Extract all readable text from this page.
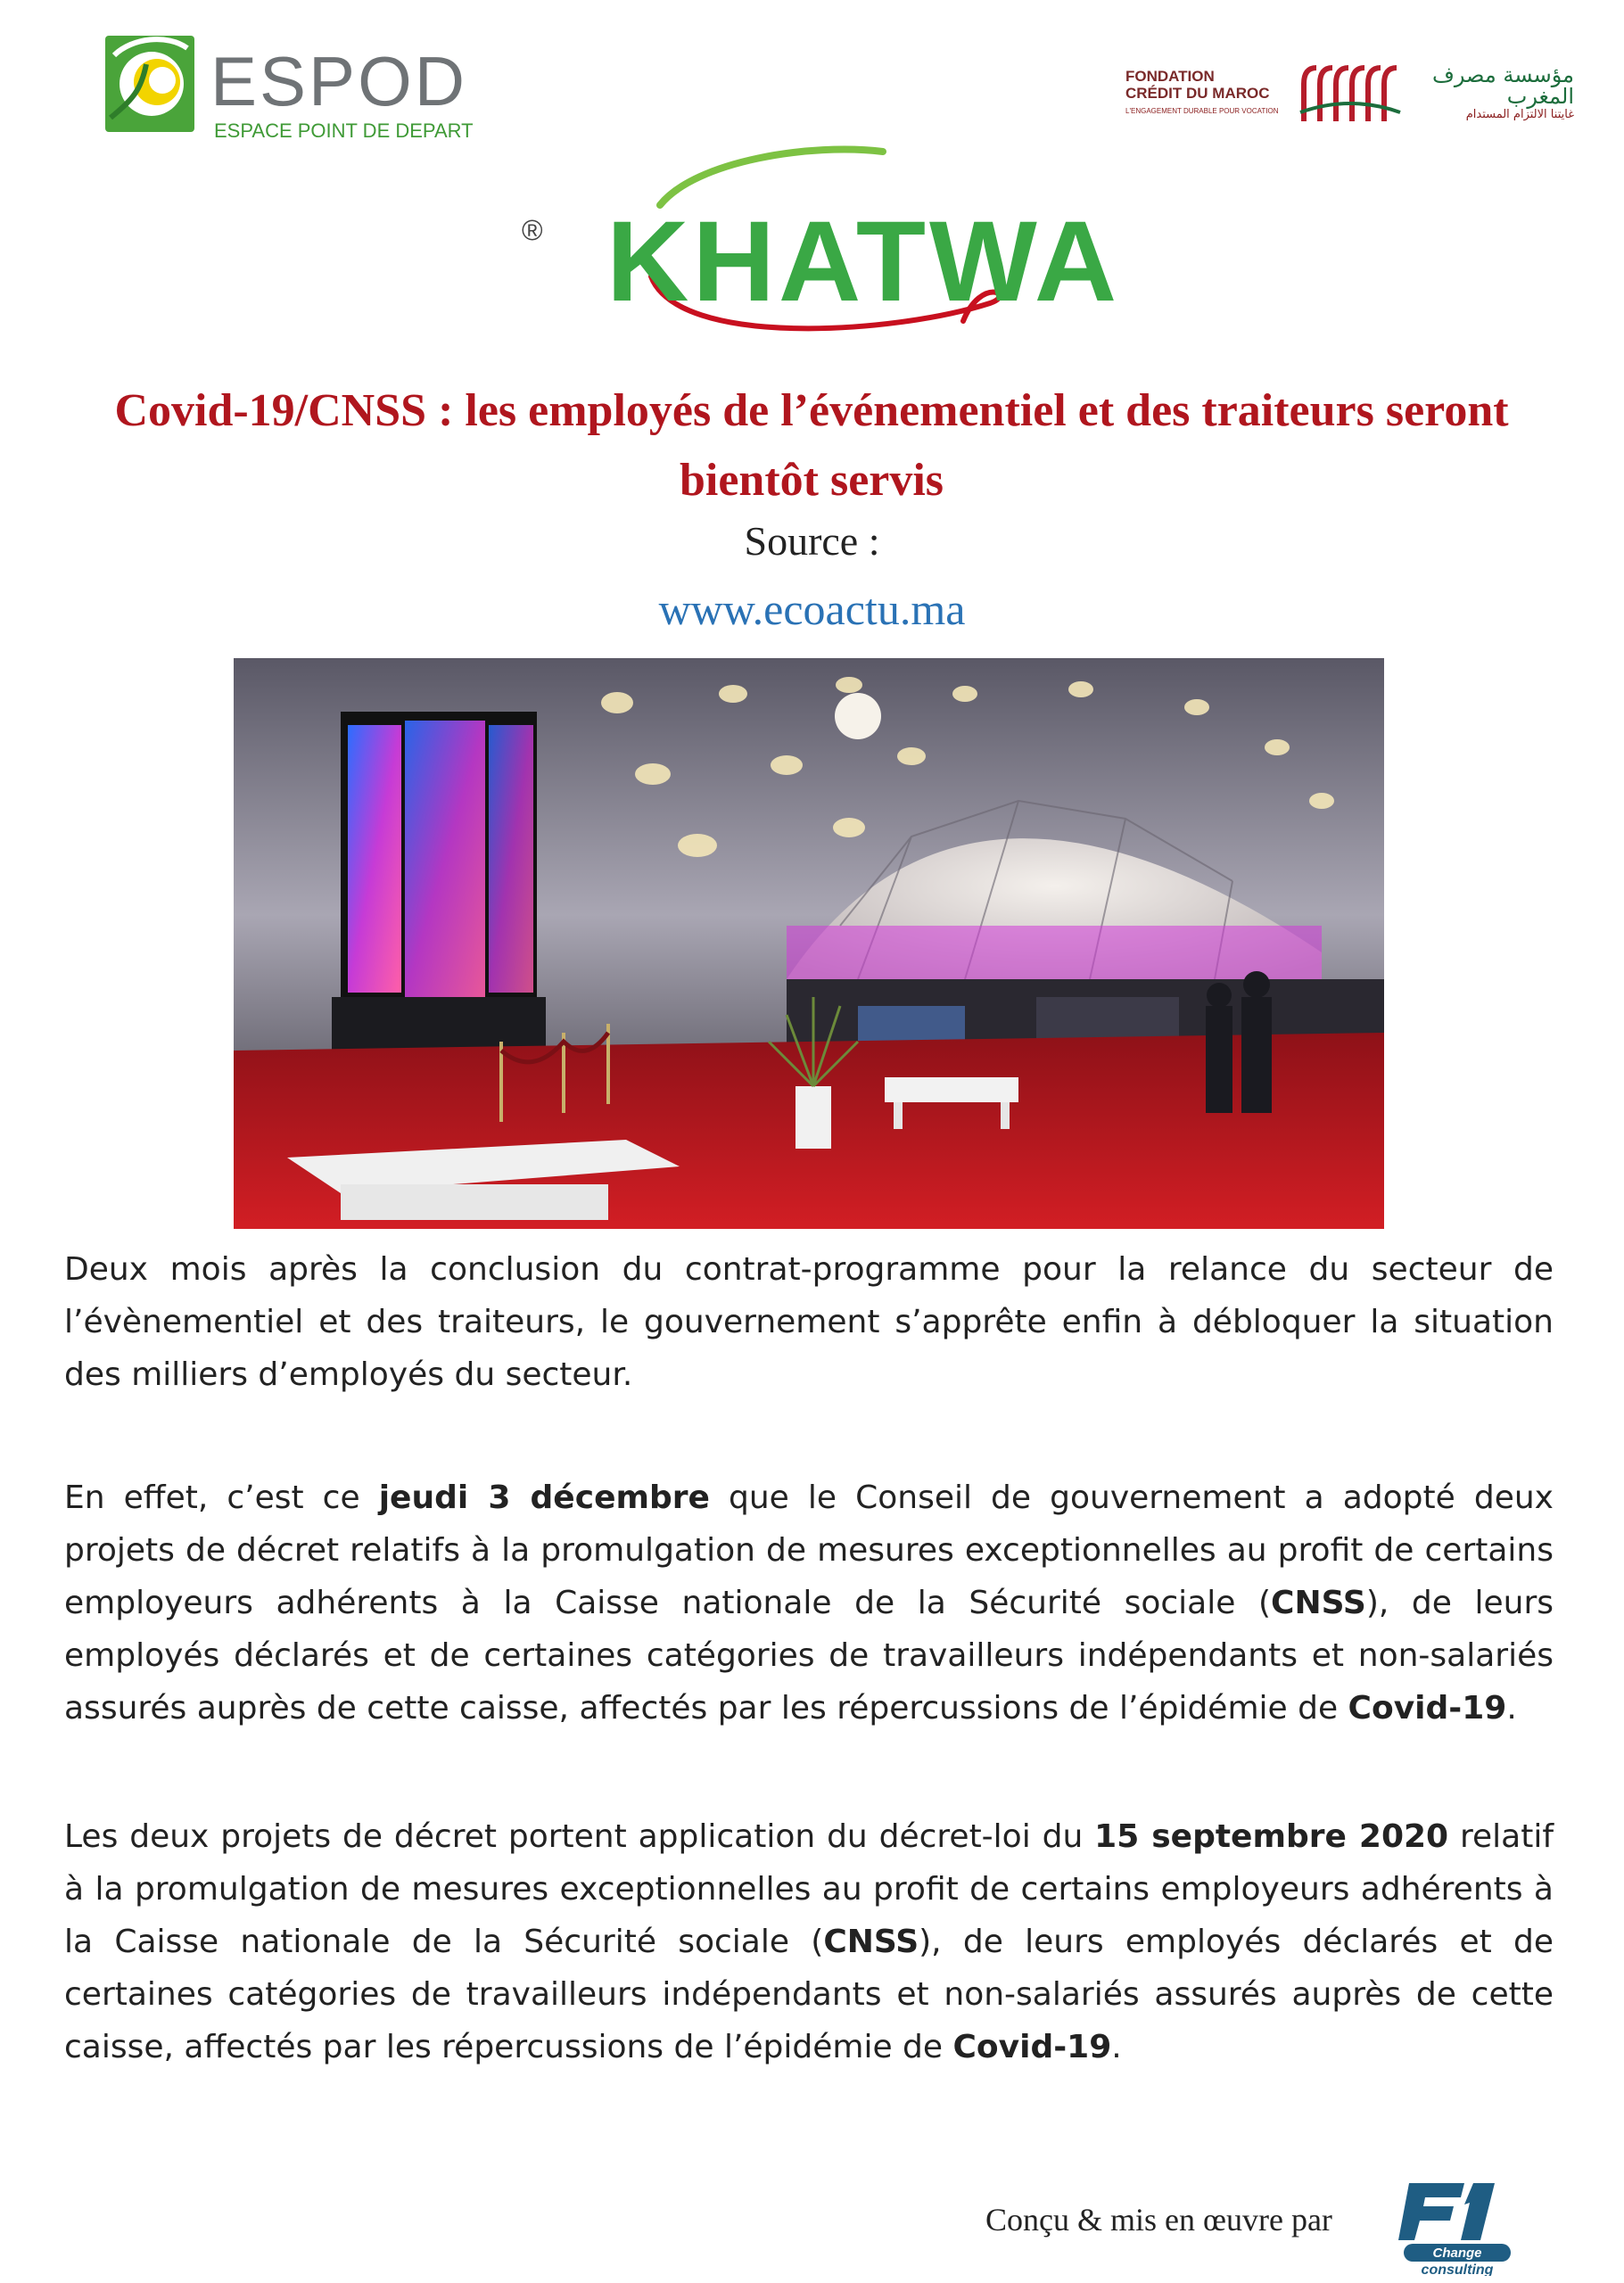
ESPOD
ESPACE POINT DE DEPART
FONDATION
CRÉDIT DU MAROC
L'ENGAGEMENT DURABLE POUR VOCATION
مؤسسة مصرف المغرب
غايتنا الالتزام المستدام
® KHATWA
Covid-19/CNSS : les employés de l’événementiel et des traiteurs seront bientôt servis
Source :
www.ecoactu.ma
Deux mois après la conclusion du contrat-programme pour la relance du secteur de l’évènementiel et des traiteurs, le gouvernement s’apprête enfin à débloquer la situation des milliers d’employés du secteur.
En effet, c’est ce jeudi 3 décembre que le Conseil de gouvernement a adopté deux projets de décret relatifs à la promulgation de mesures exceptionnelles au profit de certains employeurs adhérents à la Caisse nationale de la Sécurité sociale (CNSS), de leurs employés déclarés et de certaines catégories de travailleurs indépendants et non-salariés assurés auprès de cette caisse, affectés par les répercussions de l’épidémie de Covid-19.
Les deux projets de décret portent application du décret-loi du 15 septembre 2020 relatif à la promulgation de mesures exceptionnelles au profit de certains employeurs adhérents à la Caisse nationale de la Sécurité sociale (CNSS), de leurs employés déclarés et de certaines catégories de travailleurs indépendants et non-salariés assurés auprès de cette caisse, affectés par les répercussions de l’épidémie de Covid-19.
Conçu & mis en œuvre par
Change
consulting
